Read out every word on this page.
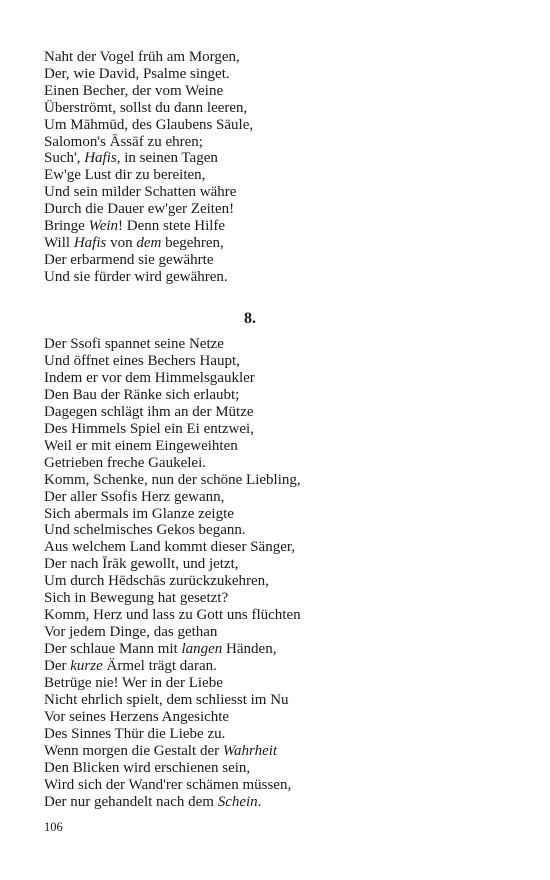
Naht der Vogel früh am Morgen,
Der, wie David, Psalme singet.
Einen Becher, der vom Weine
Überströmt, sollst du dann leeren,
Um Māhmūd, des Glaubens Säule,
Salomon's Āssāf zu ehren;
Such', Hafis, in seinen Tagen
Ew'ge Lust dir zu bereiten,
Und sein milder Schatten währe
Durch die Dauer ew'ger Zeiten!
Bringe Wein! Denn stete Hilfe
Will Hafis von dem begehren,
Der erbarmend sie gewährte
Und sie fürder wird gewähren.
8.
Der Ssofi spannet seine Netze
Und öffnet eines Bechers Haupt,
Indem er vor dem Himmelsgaukler
Den Bau der Ränke sich erlaubt;
Dagegen schlägt ihm an der Mütze
Des Himmels Spiel ein Ei entzwei,
Weil er mit einem Eingeweihten
Getrieben freche Gaukelei.
Komm, Schenke, nun der schöne Liebling,
Der aller Ssofis Herz gewann,
Sich abermals im Glanze zeigte
Und schelmisches Gekos begann.
Aus welchem Land kommt dieser Sänger,
Der nach Īrāk gewollt, und jetzt,
Um durch Hēdschās zurückzukehren,
Sich in Bewegung hat gesetzt?
Komm, Herz und lass zu Gott uns flüchten
Vor jedem Dinge, das gethan
Der schlaue Mann mit langen Händen,
Der kurze Ärmel trägt daran.
Betrüge nie! Wer in der Liebe
Nicht ehrlich spielt, dem schliesst im Nu
Vor seines Herzens Angesichte
Des Sinnes Thür die Liebe zu.
Wenn morgen die Gestalt der Wahrheit
Den Blicken wird erschienen sein,
Wird sich der Wand'rer schämen müssen,
Der nur gehandelt nach dem Schein.
106
